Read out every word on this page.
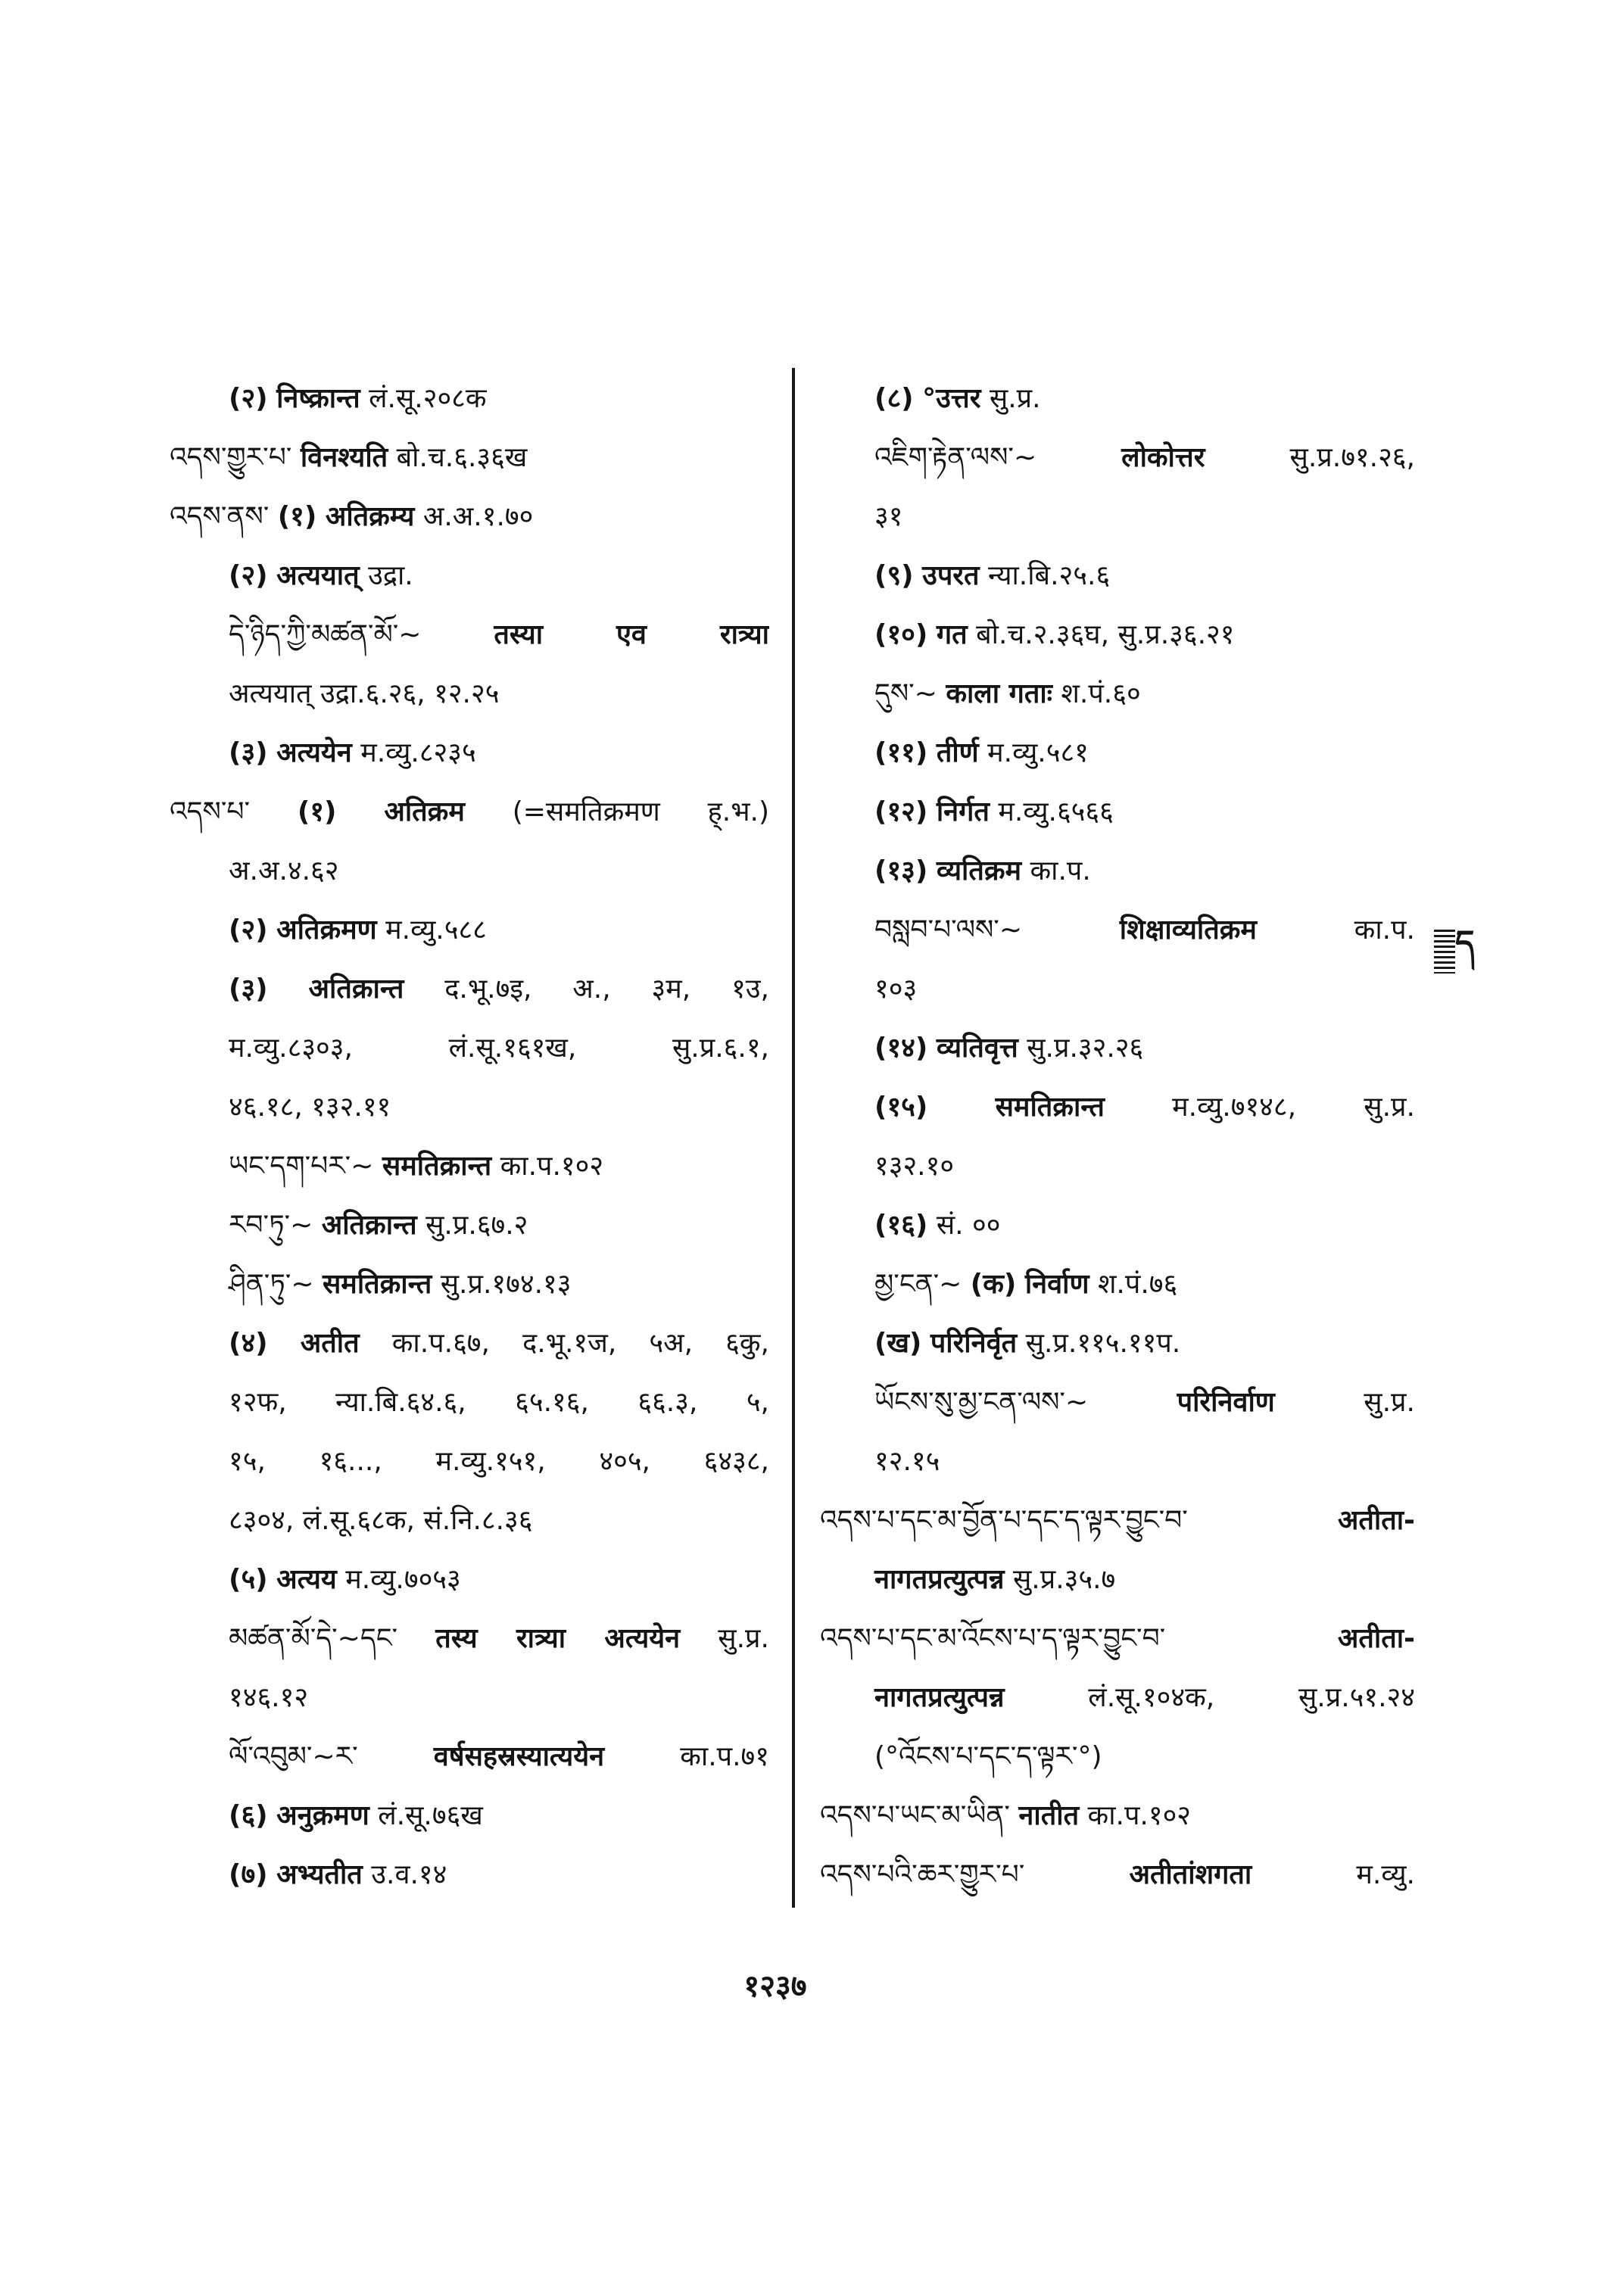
(२) निष्क्रान्त लं.सू.२०८क
འདས་གྱུར་པ་ विनश्यति बो.च.६.३६ख
འདས་ནས་ (१) अतिक्रम्य अ.अ.१.७०
(२) अत्ययात् उद्रा.
དེ་ཉིད་ཀྱི་མཚན་མོ་∼	तस्या एव रात्र्या
अत्ययात् उद्रा.६.२६, १२.२५
(३) अत्ययेन म.व्यु.८२३५
འདས་པ་ (१) अतिक्रम (=समतिक्रमण ह्.भ.)
अ.अ.४.६२
(२) अतिक्रमण म.व्यु.५८८
(३) अतिक्रान्त द.भू.७इ, अ., ३म, १उ,
म.व्यु.८३०३, लं.सू.१६१ख, सु.प्र.६.१,
४६.१८, १३२.११
ཡང་དག་པར་∼ समतिक्रान्त का.प.१०२
རབ་ཏུ་∼ अतिक्रान्त सु.प्र.६७.२
ཤིན་ཏུ་∼ समतिक्रान्त सु.प्र.१७४.१३
(४) अतीत का.प.६७, द.भू.१ज, ५अ, ६कु,
१२फ, न्या.बि.६४.६, ६५.१६, ६६.३, ५,
१५, १६..., म.व्यु.१५१, ४०५, ६४३८,
८३०४, लं.सू.६८क, सं.नि.८.३६
(५) अत्यय म.व्यु.७०५३
མཚན་མོ་དེ་∼དང་ तस्य रात्र्या अत्ययेन सु.प्र.
१४६.१२
ལོ་འབུམ་∼ར་	वर्षसहस्रस्यात्ययेन	का.प.७१
(६) अनुक्रमण लं.सू.७६ख
(७) अभ्यतीत उ.व.१४
(८) °उत्तर सु.प्र.
འཇིག་རྟེན་ལས་∼	लोकोत्तर	सु.प्र.७१.२६,
३१
(९) उपरत न्या.बि.२५.६
(१०) गत बो.च.२.३६घ, सु.प्र.३६.२१
དུས་∼ काला गताः श.पं.६०
(११) तीर्ण म.व्यु.५८१
(१२) निर्गत म.व्यु.६५६६
(१३) व्यतिक्रम का.प.
བསླབ་པ་ལས་∼	शिक्षाव्यतिक्रम	का.प.
१०३
(१४) व्यतिवृत्त सु.प्र.३२.२६
(१५) समतिक्रान्त म.व्यु.७१४८, सु.प्र.
१३२.१०
(१६) सं. ००
མྱ་ངན་∼ (क) निर्वाण श.पं.७६
(ख) परिनिर्वृत सु.प्र.११५.११प.
ཡོངས་སུ་མྱ་ངན་ལས་∼	परिनिर्वाण	सु.प्र.
१२.१५
འདས་པ་དང་མ་བྱོན་པ་དང་ད་ལྟར་བྱུང་བ་	अतीता-
नागतप्रत्युत्पन्न सु.प्र.३५.७
འདས་པ་དང་མ་འོངས་པ་ད་ལྟར་བྱུང་བ་	अतीता-
नागतप्रत्युत्पन्न	लं.सू.१०४क, सु.प्र.५१.२४
(°འོངས་པ་དང་ད་ལྟར་°)
འདས་པ་ཡང་མ་ཡིན་ नातीत का.प.१०२
འདས་པའི་ཆར་གྱུར་པ་	अतीतांशगता	म.व्यु.
ད
१२३७
